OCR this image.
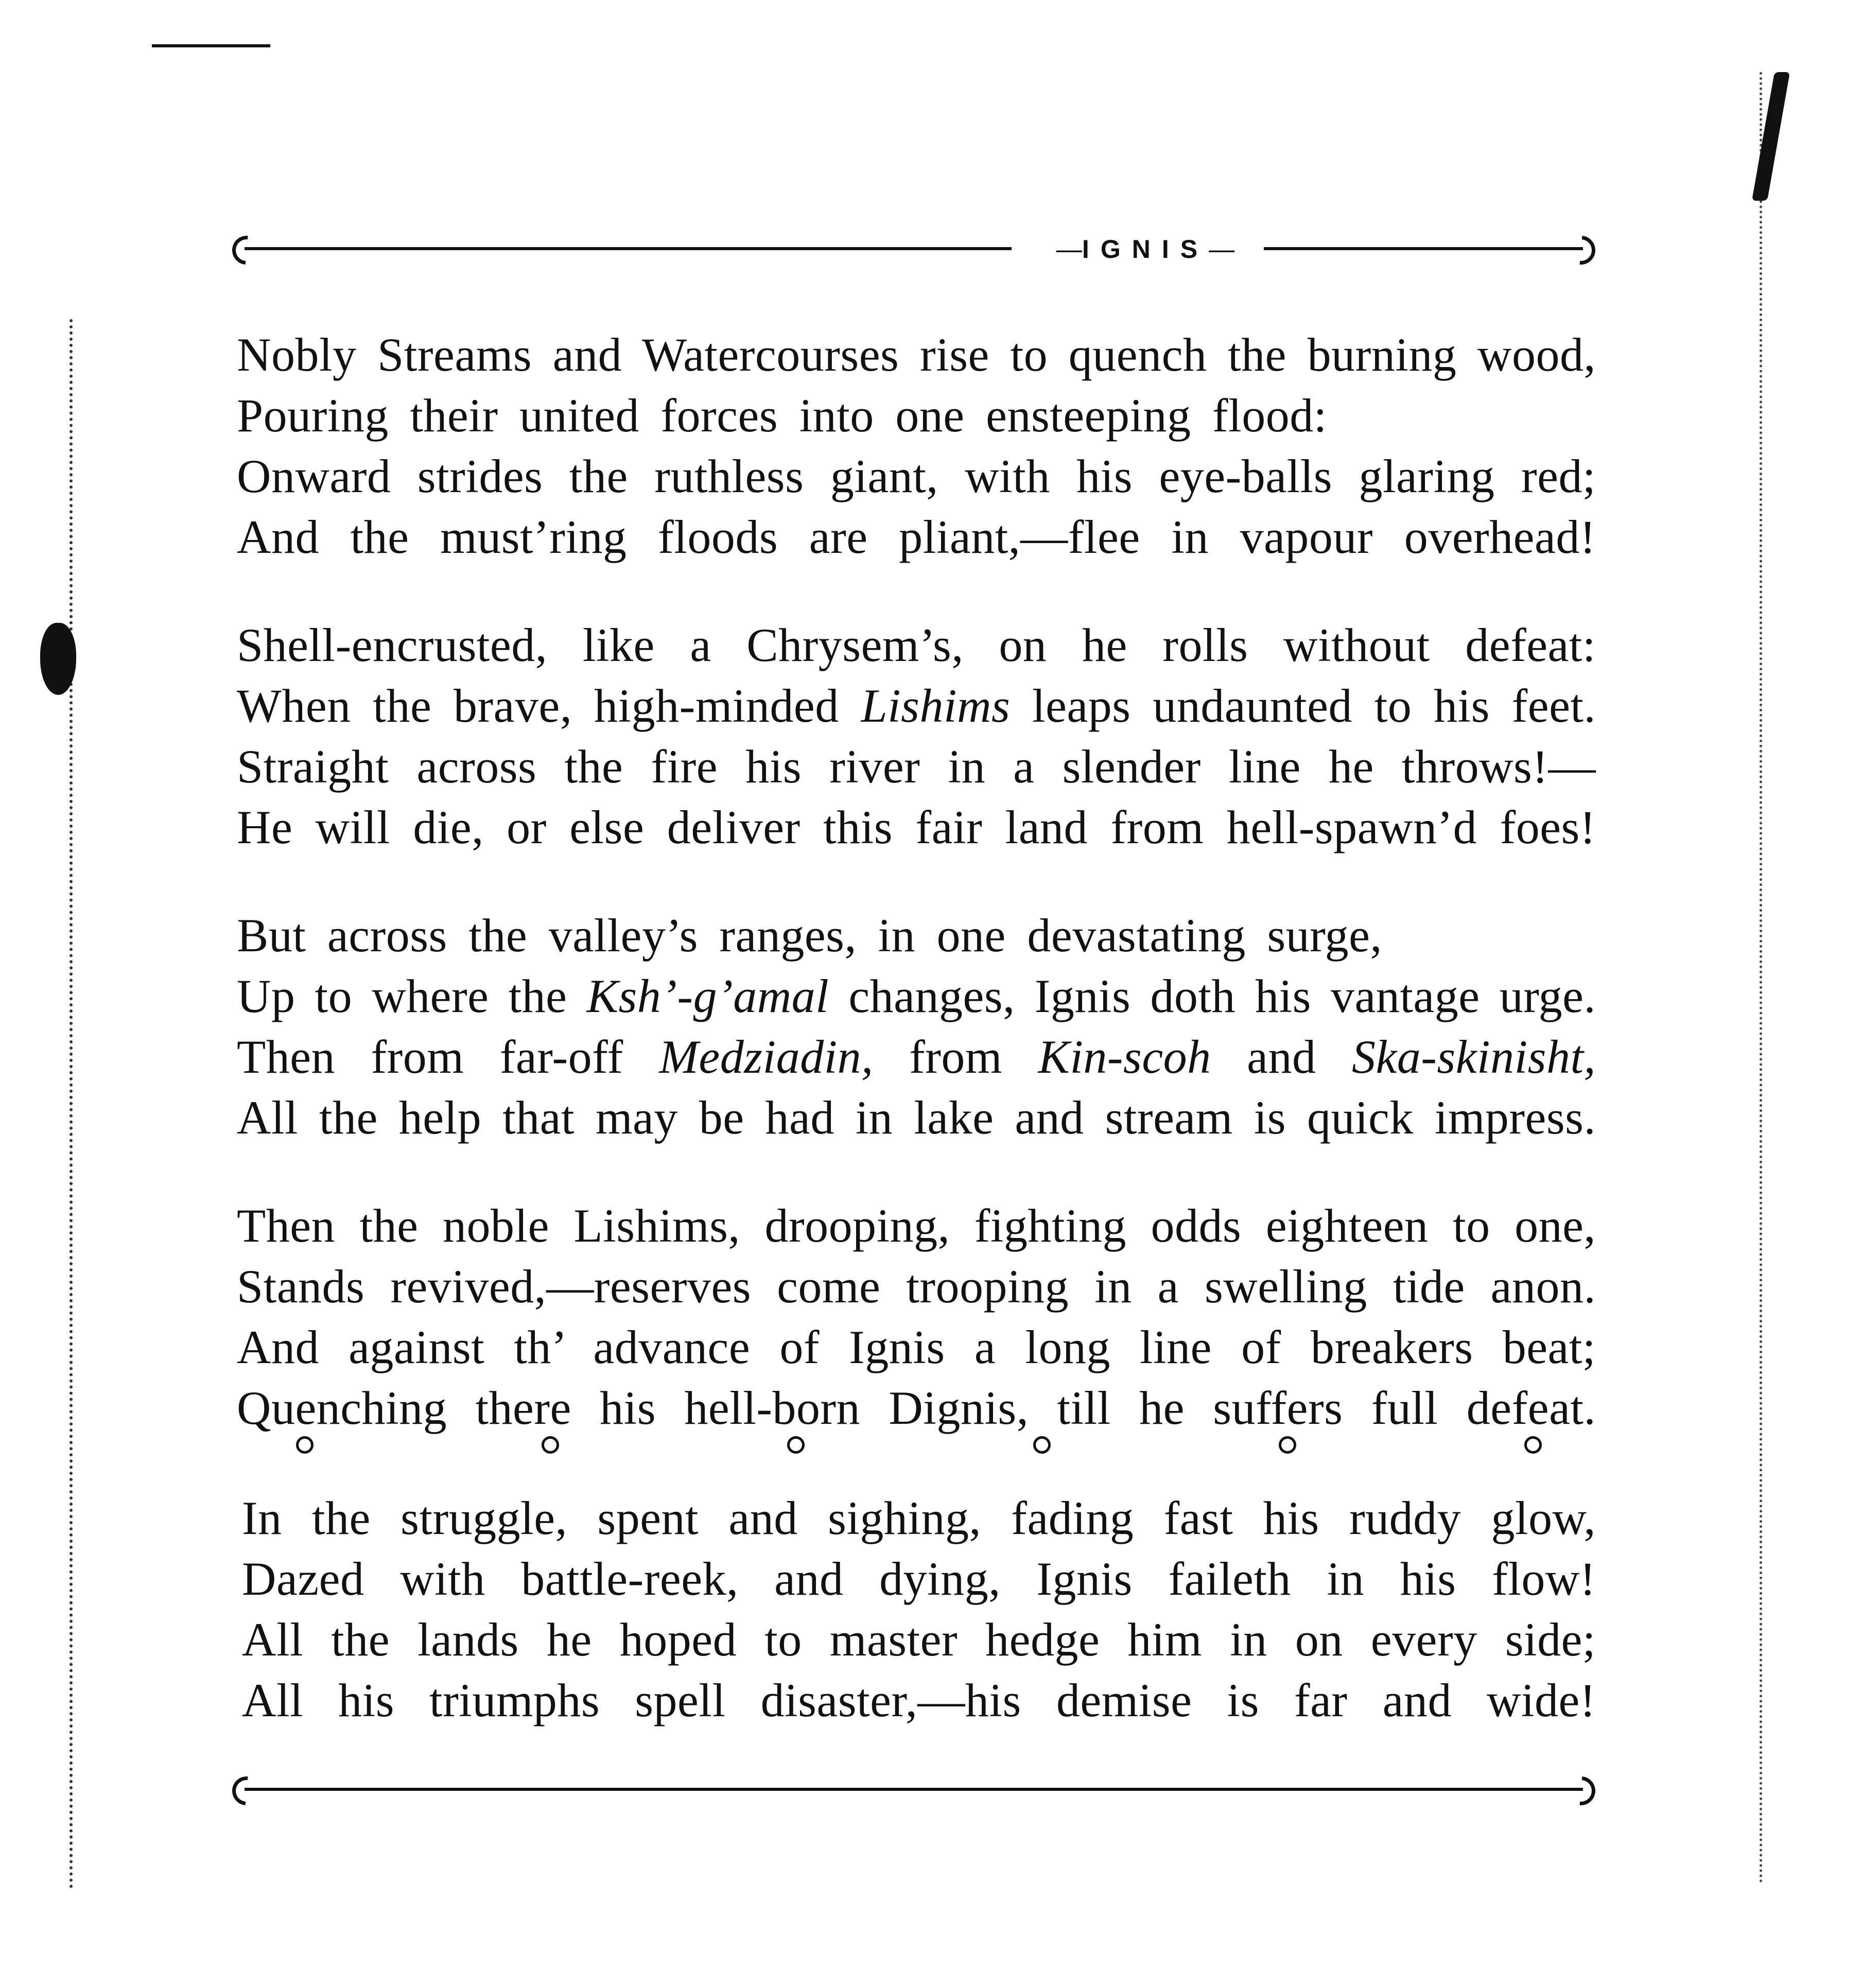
—IGNIS—
Nobly Streams and Watercourses rise to quench the burning wood,
Pouring their united forces into one ensteeping flood:
Onward strides the ruthless giant, with his eye-balls glaring red;
And the must’ring floods are pliant,—flee in vapour overhead!
Shell-encrusted, like a Chrysem’s, on he rolls without defeat:
When the brave, high-minded Lishims leaps undaunted to his feet.
Straight across the fire his river in a slender line he throws!—
He will die, or else deliver this fair land from hell-spawn’d foes!
But across the valley’s ranges, in one devastating surge,
Up to where the Ksh’-g’amal changes, Ignis doth his vantage urge.
Then from far-off Medziadin, from Kin-scoh and Ska-skinisht,
All the help that may be had in lake and stream is quick impress.
Then the noble Lishims, drooping, fighting odds eighteen to one,
Stands revived,—reserves come trooping in a swelling tide anon.
And against th’ advance of Ignis a long line of breakers beat;
Quenching there his hell-born Dignis, till he suffers full defeat.
In the struggle, spent and sighing, fading fast his ruddy glow,
Dazed with battle-reek, and dying, Ignis faileth in his flow!
All the lands he hoped to master hedge him in on every side;
All his triumphs spell disaster,—his demise is far and wide!
